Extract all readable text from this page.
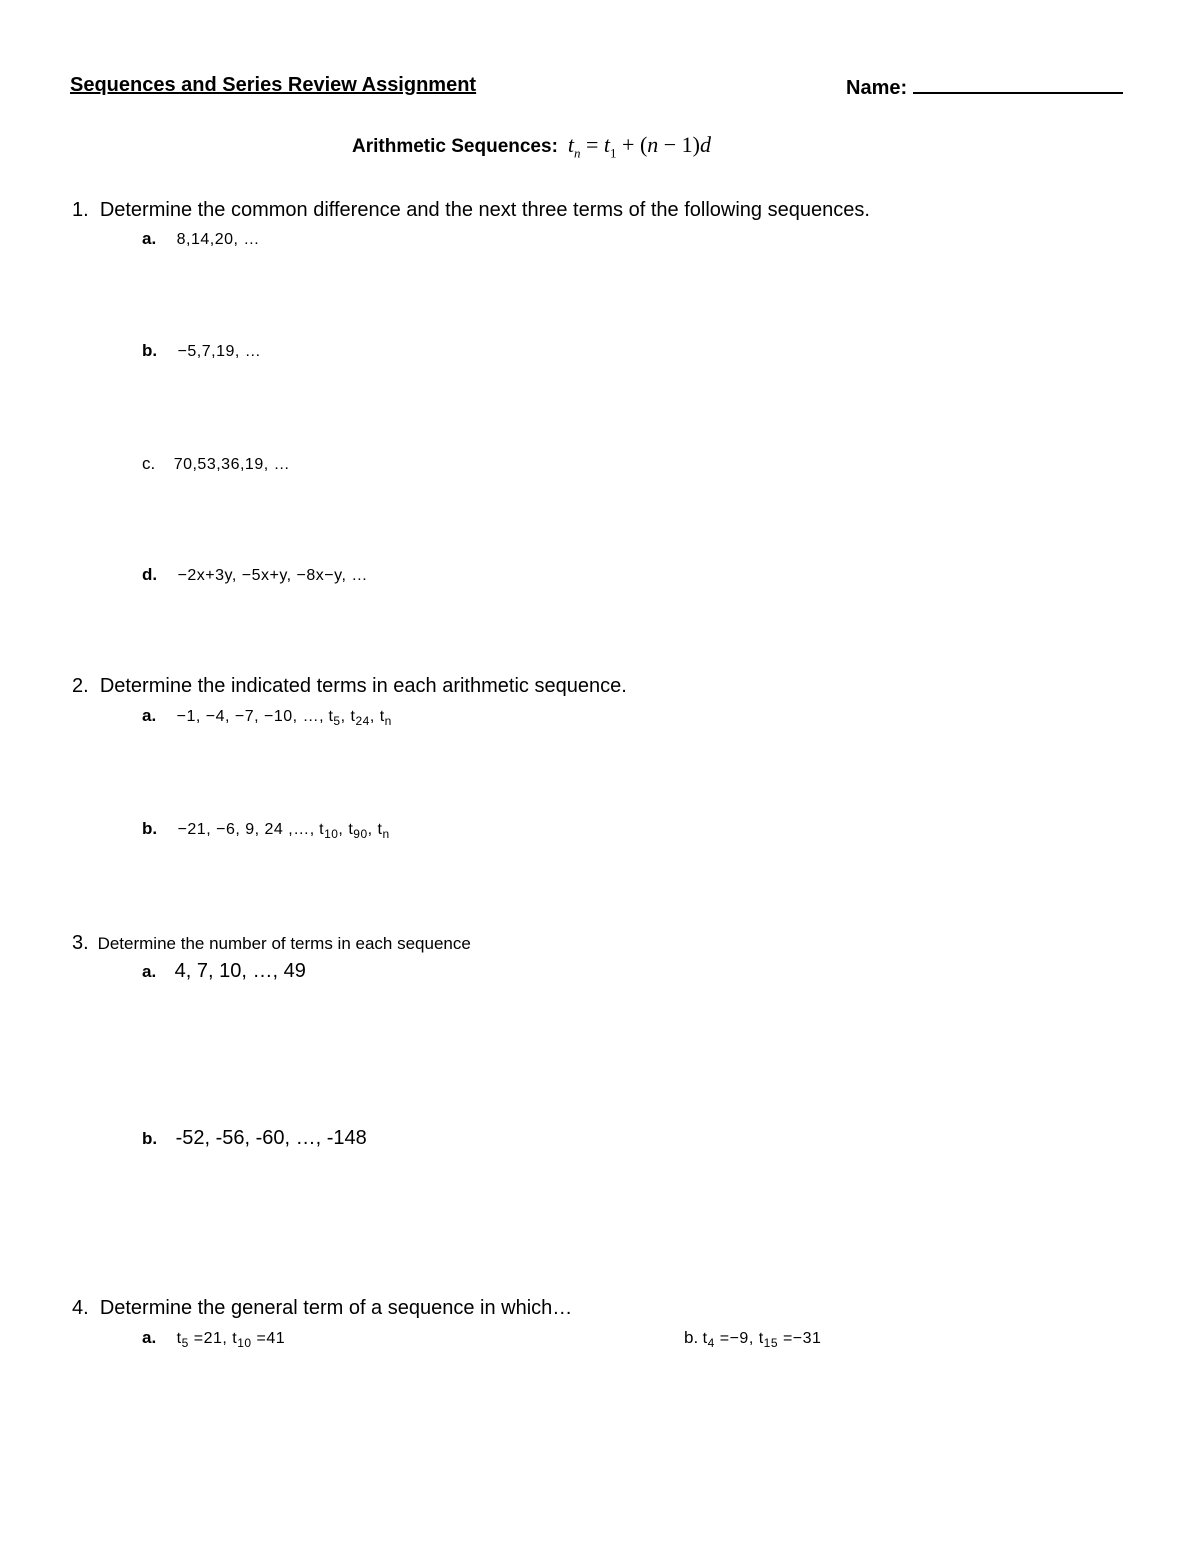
Sequences and Series Review Assignment	Name:
Arithmetic Sequences: $t_n = t_1 + (n - 1)d$
1. Determine the common difference and the next three terms of the following sequences.
a. 8,14,20, …
b. −5,7,19, …
c. 70,53,36,19, …
d. −2x+3y, −5x+y, −8x−y, …
2. Determine the indicated terms in each arithmetic sequence.
a. −1, −4, −7, −10, …, $t_5$, $t_{24}$, $t_n$
b. −21, −6, 9, 24 ,…, $t_{10}$, $t_{90}$, $t_n$
3. Determine the number of terms in each sequence
a. 4, 7, 10, …, 49
b. -52, -56, -60, …, -148
4. Determine the general term of a sequence in which…
a. $t_5 =21$, $t_{10} =41$	b. $t_4 =-9$, $t_{15} =-31$
